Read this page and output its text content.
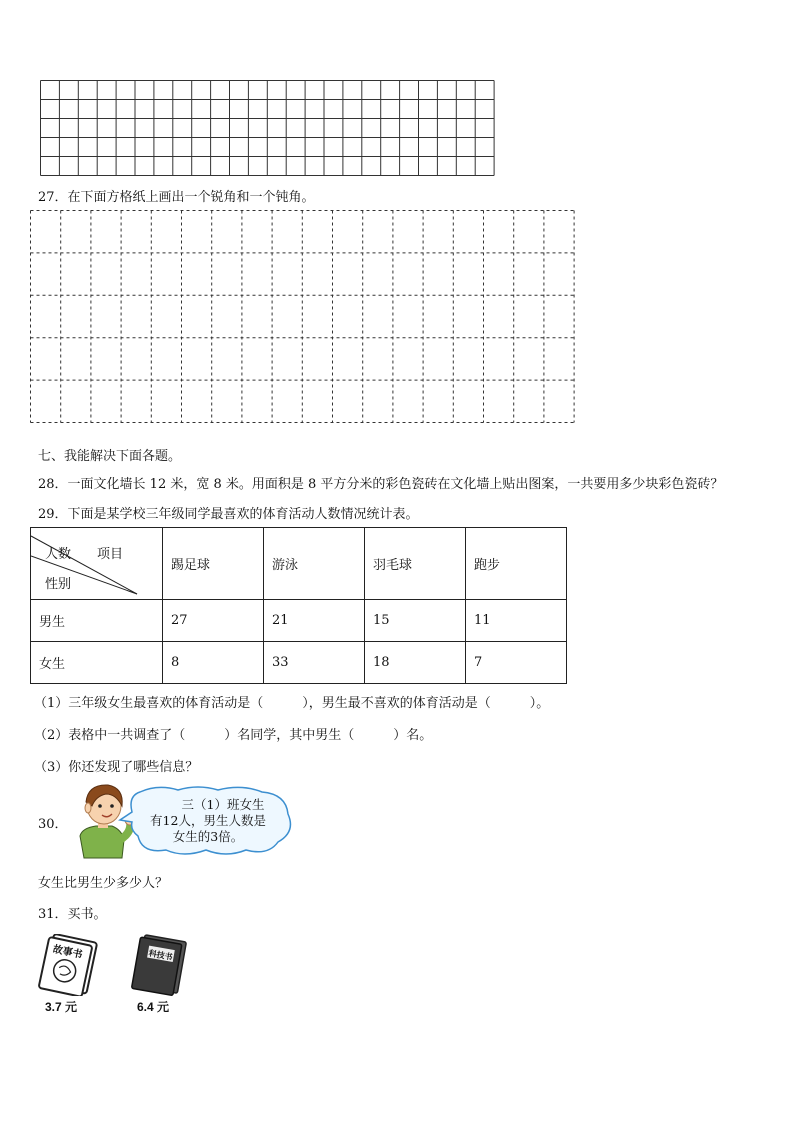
27．在下面方格纸上画出一个锐角和一个钝角。
七、我能解决下面各题。
28．一面文化墙长 12 米，宽 8 米。用面积是 8 平方分米的彩色瓷砖在文化墙上贴出图案，一共要用多少块彩色瓷砖？
29．下面是某学校三年级同学最喜欢的体育活动人数情况统计表。
项目
人数
性别	踢足球	游泳	羽毛球	跑步
男生	27	21	15	11
女生	8	33	18	7
（1）三年级女生最喜欢的体育活动是（　　　），男生最不喜欢的体育活动是（　　　）。
（2）表格中一共调查了（　　　）名同学，其中男生（　　　）名。
（3）你还发现了哪些信息？
30．
三（1）班女生
有12人，男生人数是
女生的3倍。
女生比男生少多少人？
31．买书。
故事书
3.7 元
科技书
6.4 元
